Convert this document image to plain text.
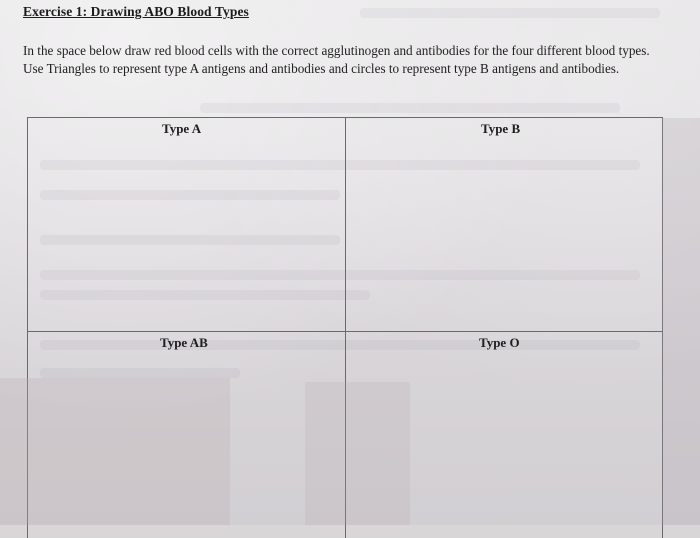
Exercise 1: Drawing ABO Blood Types
In the space below draw red blood cells with the correct agglutinogen and antibodies for the four different blood types. Use Triangles to represent type A antigens and antibodies and circles to represent type B antigens and antibodies.
Type A	Type B
Type AB	Type O
